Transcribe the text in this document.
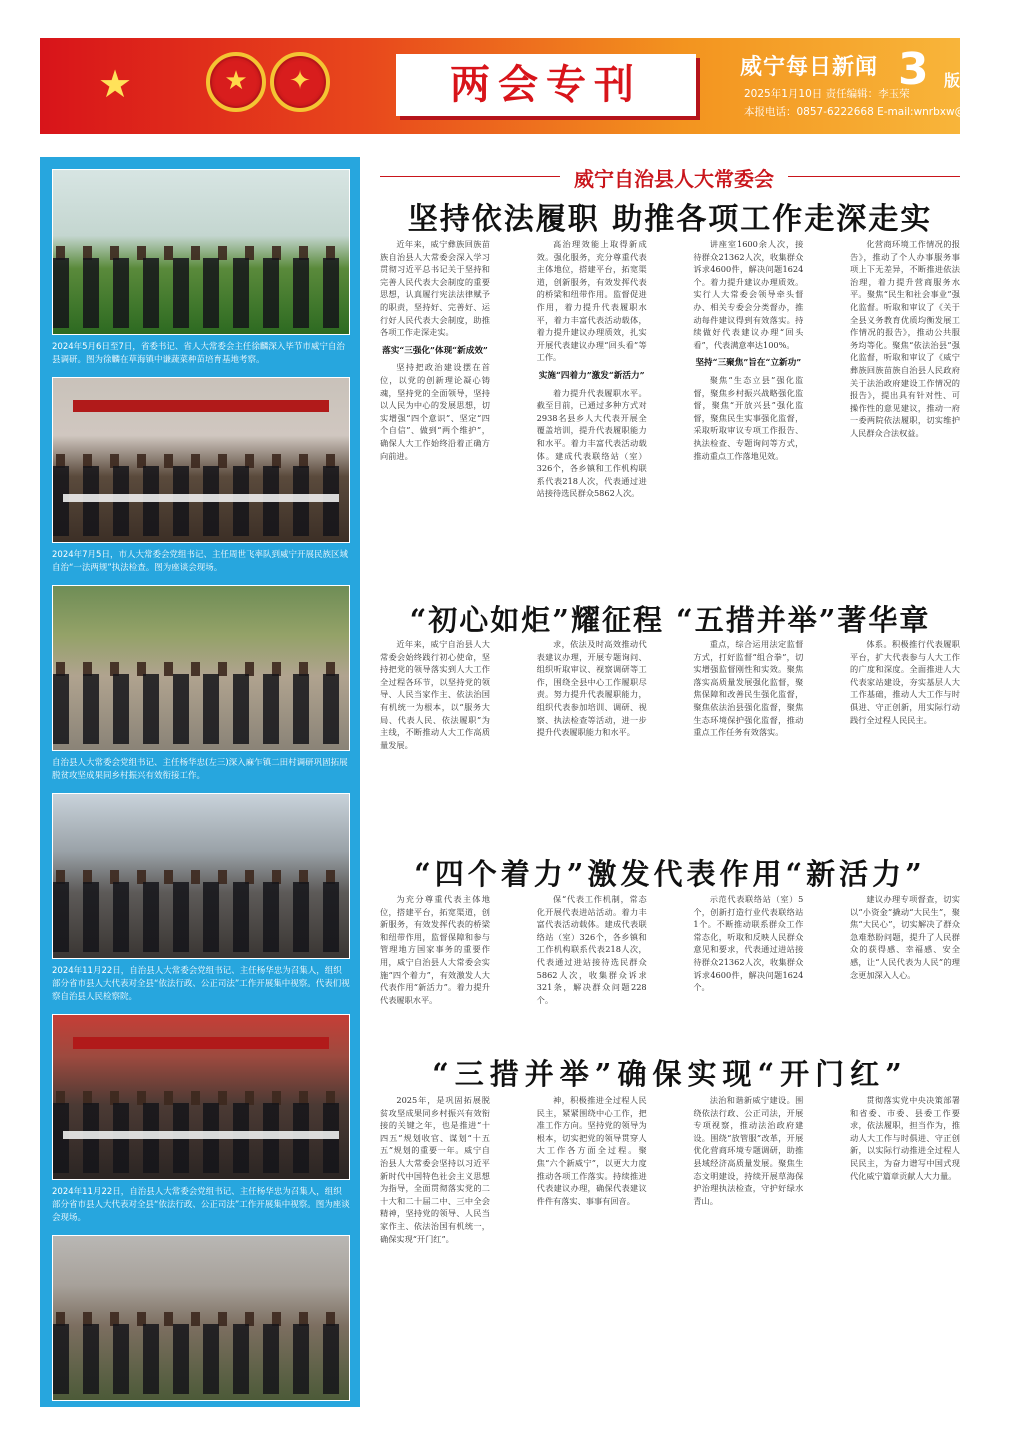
★	★	✦	两会专刊	威宁每日新闻 3 版
2025年1月10日 责任编辑：李玉荣
本报电话：0857-6222668 E-mail:wnrbxw@163.com
2024年5月6日至7日，省委书记、省人大常委会主任徐麟深入毕节市威宁自治县调研。图为徐麟在草海镇中谦蔬菜种苗培育基地考察。
2024年7月5日，市人大常委会党组书记、主任周世飞率队到威宁开展民族区域自治“一法两规”执法检查。图为座谈会现场。
自治县人大常委会党组书记、主任杨华忠(左三)深入麻乍镇二田村调研巩固拓展脱贫攻坚成果同乡村振兴有效衔接工作。
2024年11月22日，自治县人大常委会党组书记、主任杨华忠为召集人，组织部分省市县人大代表对全县“依法行政、公正司法”工作开展集中视察。代表们视察自治县人民检察院。
2024年11月22日，自治县人大常委会党组书记、主任杨华忠为召集人，组织部分省市县人大代表对全县“依法行政、公正司法”工作开展集中视察。图为座谈会现场。
自治县人大常委会驻村工作队和村支两委在麻乍镇杨家村老乡家指导产业路修建情况。
威宁自治县人大常委会
坚持依法履职 助推各项工作走深走实

近年来，威宁彝族回族苗族自治县人大常委会深入学习贯彻习近平总书记关于坚持和完善人民代表大会制度的重要思想，认真履行宪法法律赋予的职责，坚持好、完善好、运行好人民代表大会制度，助推各项工作走深走实。

落实“三强化”体现“新成效”

坚持把政治建设摆在首位，以党的创新理论凝心铸魂，坚持党的全面领导，坚持以人民为中心的发展思想，切实增强“四个意识”、坚定“四个自信”、做到“两个维护”，确保人大工作始终沿着正确方向前进。

高治理效能上取得新成效。强化服务，充分尊重代表主体地位，搭建平台，拓宽渠道，创新服务，有效发挥代表的桥梁和纽带作用。监督促进作用，着力提升代表履职水平，着力丰富代表活动载体，着力提升建议办理质效，扎实开展代表建议办理“回头看”等工作。

实施“四着力”激发“新活力”

着力提升代表履职水平。截至目前，已通过多种方式对2938名县乡人大代表开展全覆盖培训，提升代表履职能力和水平。着力丰富代表活动载体。建成代表联络站（室）326个，各乡镇和工作机构联系代表218人次，代表通过进站接待选民群众5862人次。

讲座室1600余人次，接待群众21362人次，收集群众诉求4600件，解决问题1624个。着力提升建议办理质效。实行人大常委会领导牵头督办、相关专委会分类督办，推动每件建议得到有效落实。持续做好代表建议办理“回头看”，代表满意率达100%。

坚持“三聚焦”旨在“立新功”

聚焦“生态立县”强化监督，聚焦乡村振兴战略强化监督，聚焦“开放兴县”强化监督，聚焦民生实事强化监督，采取听取审议专项工作报告、执法检查、专题询问等方式，推动重点工作落地见效。

化营商环境工作情况的报告》，推动了个人办事服务事项上下无差异，不断推进依法治理，着力提升营商服务水平。聚焦“民生和社会事业”强化监督。听取和审议了《关于全县义务教育优质均衡发展工作情况的报告》，推动公共服务均等化。聚焦“依法治县”强化监督，听取和审议了《威宁彝族回族苗族自治县人民政府关于法治政府建设工作情况的报告》，提出具有针对性、可操作性的意见建议，推动一府一委两院依法履职，切实维护人民群众合法权益。

“初心如炬”耀征程 “五措并举”著华章

近年来，威宁自治县人大常委会始终践行初心使命，坚持把党的领导落实到人大工作全过程各环节，以坚持党的领导、人民当家作主、依法治国有机统一为根本，以“服务大局、代表人民、依法履职”为主线，不断推动人大工作高质量发展。

求，依法及时高效推动代表建议办理，开展专题询问、组织听取审议、视察调研等工作，围绕全县中心工作履职尽责。努力提升代表履职能力，组织代表参加培训、调研、视察、执法检查等活动，进一步提升代表履职能力和水平。

重点，综合运用法定监督方式，打好监督“组合拳”，切实增强监督刚性和实效。聚焦落实高质量发展强化监督，聚焦保障和改善民生强化监督，聚焦依法治县强化监督，聚焦生态环境保护强化监督，推动重点工作任务有效落实。

体系。积极推行代表履职平台，扩大代表参与人大工作的广度和深度。全面推进人大代表家站建设，夯实基层人大工作基础，推动人大工作与时俱进、守正创新，用实际行动践行全过程人民民主。

“四个着力”激发代表作用“新活力”

为充分尊重代表主体地位，搭建平台，拓宽渠道，创新服务，有效发挥代表的桥梁和纽带作用，监督保障和参与管理地方国家事务的重要作用，威宁自治县人大常委会实施“四个着力”，有效激发人大代表作用“新活力”。着力提升代表履职水平。

保“代表工作机制，常态化开展代表进站活动。着力丰富代表活动载体。建成代表联络站（室）326个，各乡镇和工作机构联系代表218人次，代表通过进站接待选民群众5862人次，收集群众诉求321条，解决群众问题228个。

示范代表联络站（室）5个，创新打造行业代表联络站1个。不断推动联系群众工作常态化，听取和反映人民群众意见和要求，代表通过进站接待群众21362人次，收集群众诉求4600件，解决问题1624个。

建议办理专项督查，切实以“小资金”撬动“大民生”，聚焦“大民心”，切实解决了群众急难愁盼问题，提升了人民群众的获得感、幸福感、安全感，让“人民代表为人民”的理念更加深入人心。

“三措并举”确保实现“开门红”

2025年，是巩固拓展脱贫攻坚成果同乡村振兴有效衔接的关键之年，也是推进“十四五”规划收官、谋划“十五五”规划的重要一年。威宁自治县人大常委会坚持以习近平新时代中国特色社会主义思想为指导，全面贯彻落实党的二十大和二十届二中、三中全会精神，坚持党的领导、人民当家作主、依法治国有机统一，确保实现“开门红”。

神，积极推进全过程人民民主，紧紧围绕中心工作，把准工作方向。坚持党的领导为根本，切实把党的领导贯穿人大工作各方面全过程。聚焦“六个新威宁”，以更大力度推动各项工作落实。持续推进代表建议办理，确保代表建议件件有落实、事事有回音。

法治和谐新威宁建设。围绕依法行政、公正司法，开展专项视察，推动法治政府建设。围绕“放管服”改革，开展优化营商环境专题调研，助推县域经济高质量发展。聚焦生态文明建设，持续开展草海保护治理执法检查，守护好绿水青山。

贯彻落实党中央决策部署和省委、市委、县委工作要求，依法履职，担当作为，推动人大工作与时俱进、守正创新，以实际行动推进全过程人民民主，为奋力谱写中国式现代化威宁篇章贡献人大力量。
